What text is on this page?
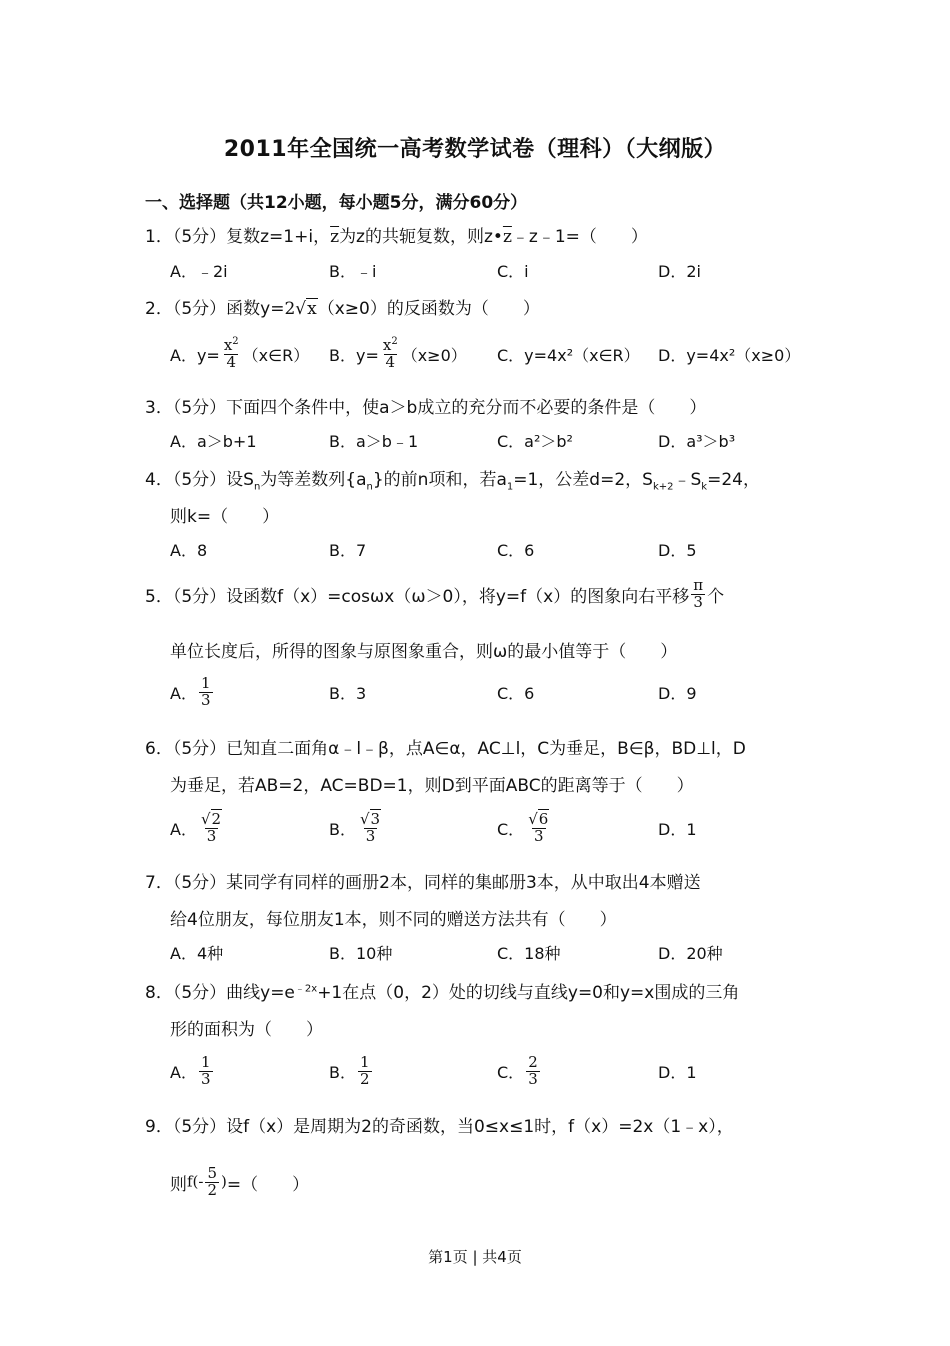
2011年全国统一高考数学试卷（理科）（大纲版）
一、选择题（共12小题，每小题5分，满分60分）
1．（5分）复数z=1+i，$\overline{z}$为z的共轭复数，则$z•\overline{z}﹣z﹣1=$（　　）
A．﹣2i	B．﹣i	C．i	D．2i
2．（5分）函数y=2√x（x≥0）的反函数为（　　）
A．$y= \frac{x^2}{4}$ （x∈R） B．$y= \frac{x^2}{4} (x\ge 0)$ C．y=4x²（x∈R） D．y=4x²（x≥0）
3．（5分）下面四个条件中，使a＞b成立的充分而不必要的条件是（　　）
A．a＞b+1	B．a＞b﹣1	C．a²＞b²	D．a³＞b³
4．（5分）设$S_n$为等差数列$\{a_n\}$的前n项和，若$a_1=1$，公差d=2，$S_{k+2}﹣S_k=24$，
则k=（　　）
A．8	B．7	C．6	D．5
5．（5分）设函数f（x）=cosωx（ω＞0），将y=f（x）的图象向右平移 $\frac{\pi}{3}$ 个
单位长度后，所得的图象与原图象重合，则ω的最小值等于（　　）
A． $\frac{1}{3}$	B．3	C．6	D．9
6．（5分）已知直二面角α﹣l﹣β，点A∈α，AC⊥l，C为垂足，B∈β，BD⊥l，D
为垂足，若AB=2，AC=BD=1，则D到平面ABC的距离等于（　　）
A． $\frac{√2}{3}$	B． $\frac{√3}{3}$	C． $\frac{√6}{3}$	D．1
7．（5分）某同学有同样的画册2本，同样的集邮册3本，从中取出4本赠送
给4位朋友，每位朋友1本，则不同的赠送方法共有（　　）
A．4种	B．10种	C．18种	D．20种
8．（5分）曲线$y=e^{﹣2x}+1$在点（0，2）处的切线与直线y=0和y=x围成的三角
形的面积为（　　）
A． $\frac{1}{3}$	B． $\frac{1}{2}$	C． $\frac{2}{3}$	D．1
9．（5分）设f（x）是周期为2的奇函数，当0≤x≤1时，f（x）=2x（1﹣x），
则 $f(- \frac{5}{2}$ ) =（　　）
第1页 | 共4页
